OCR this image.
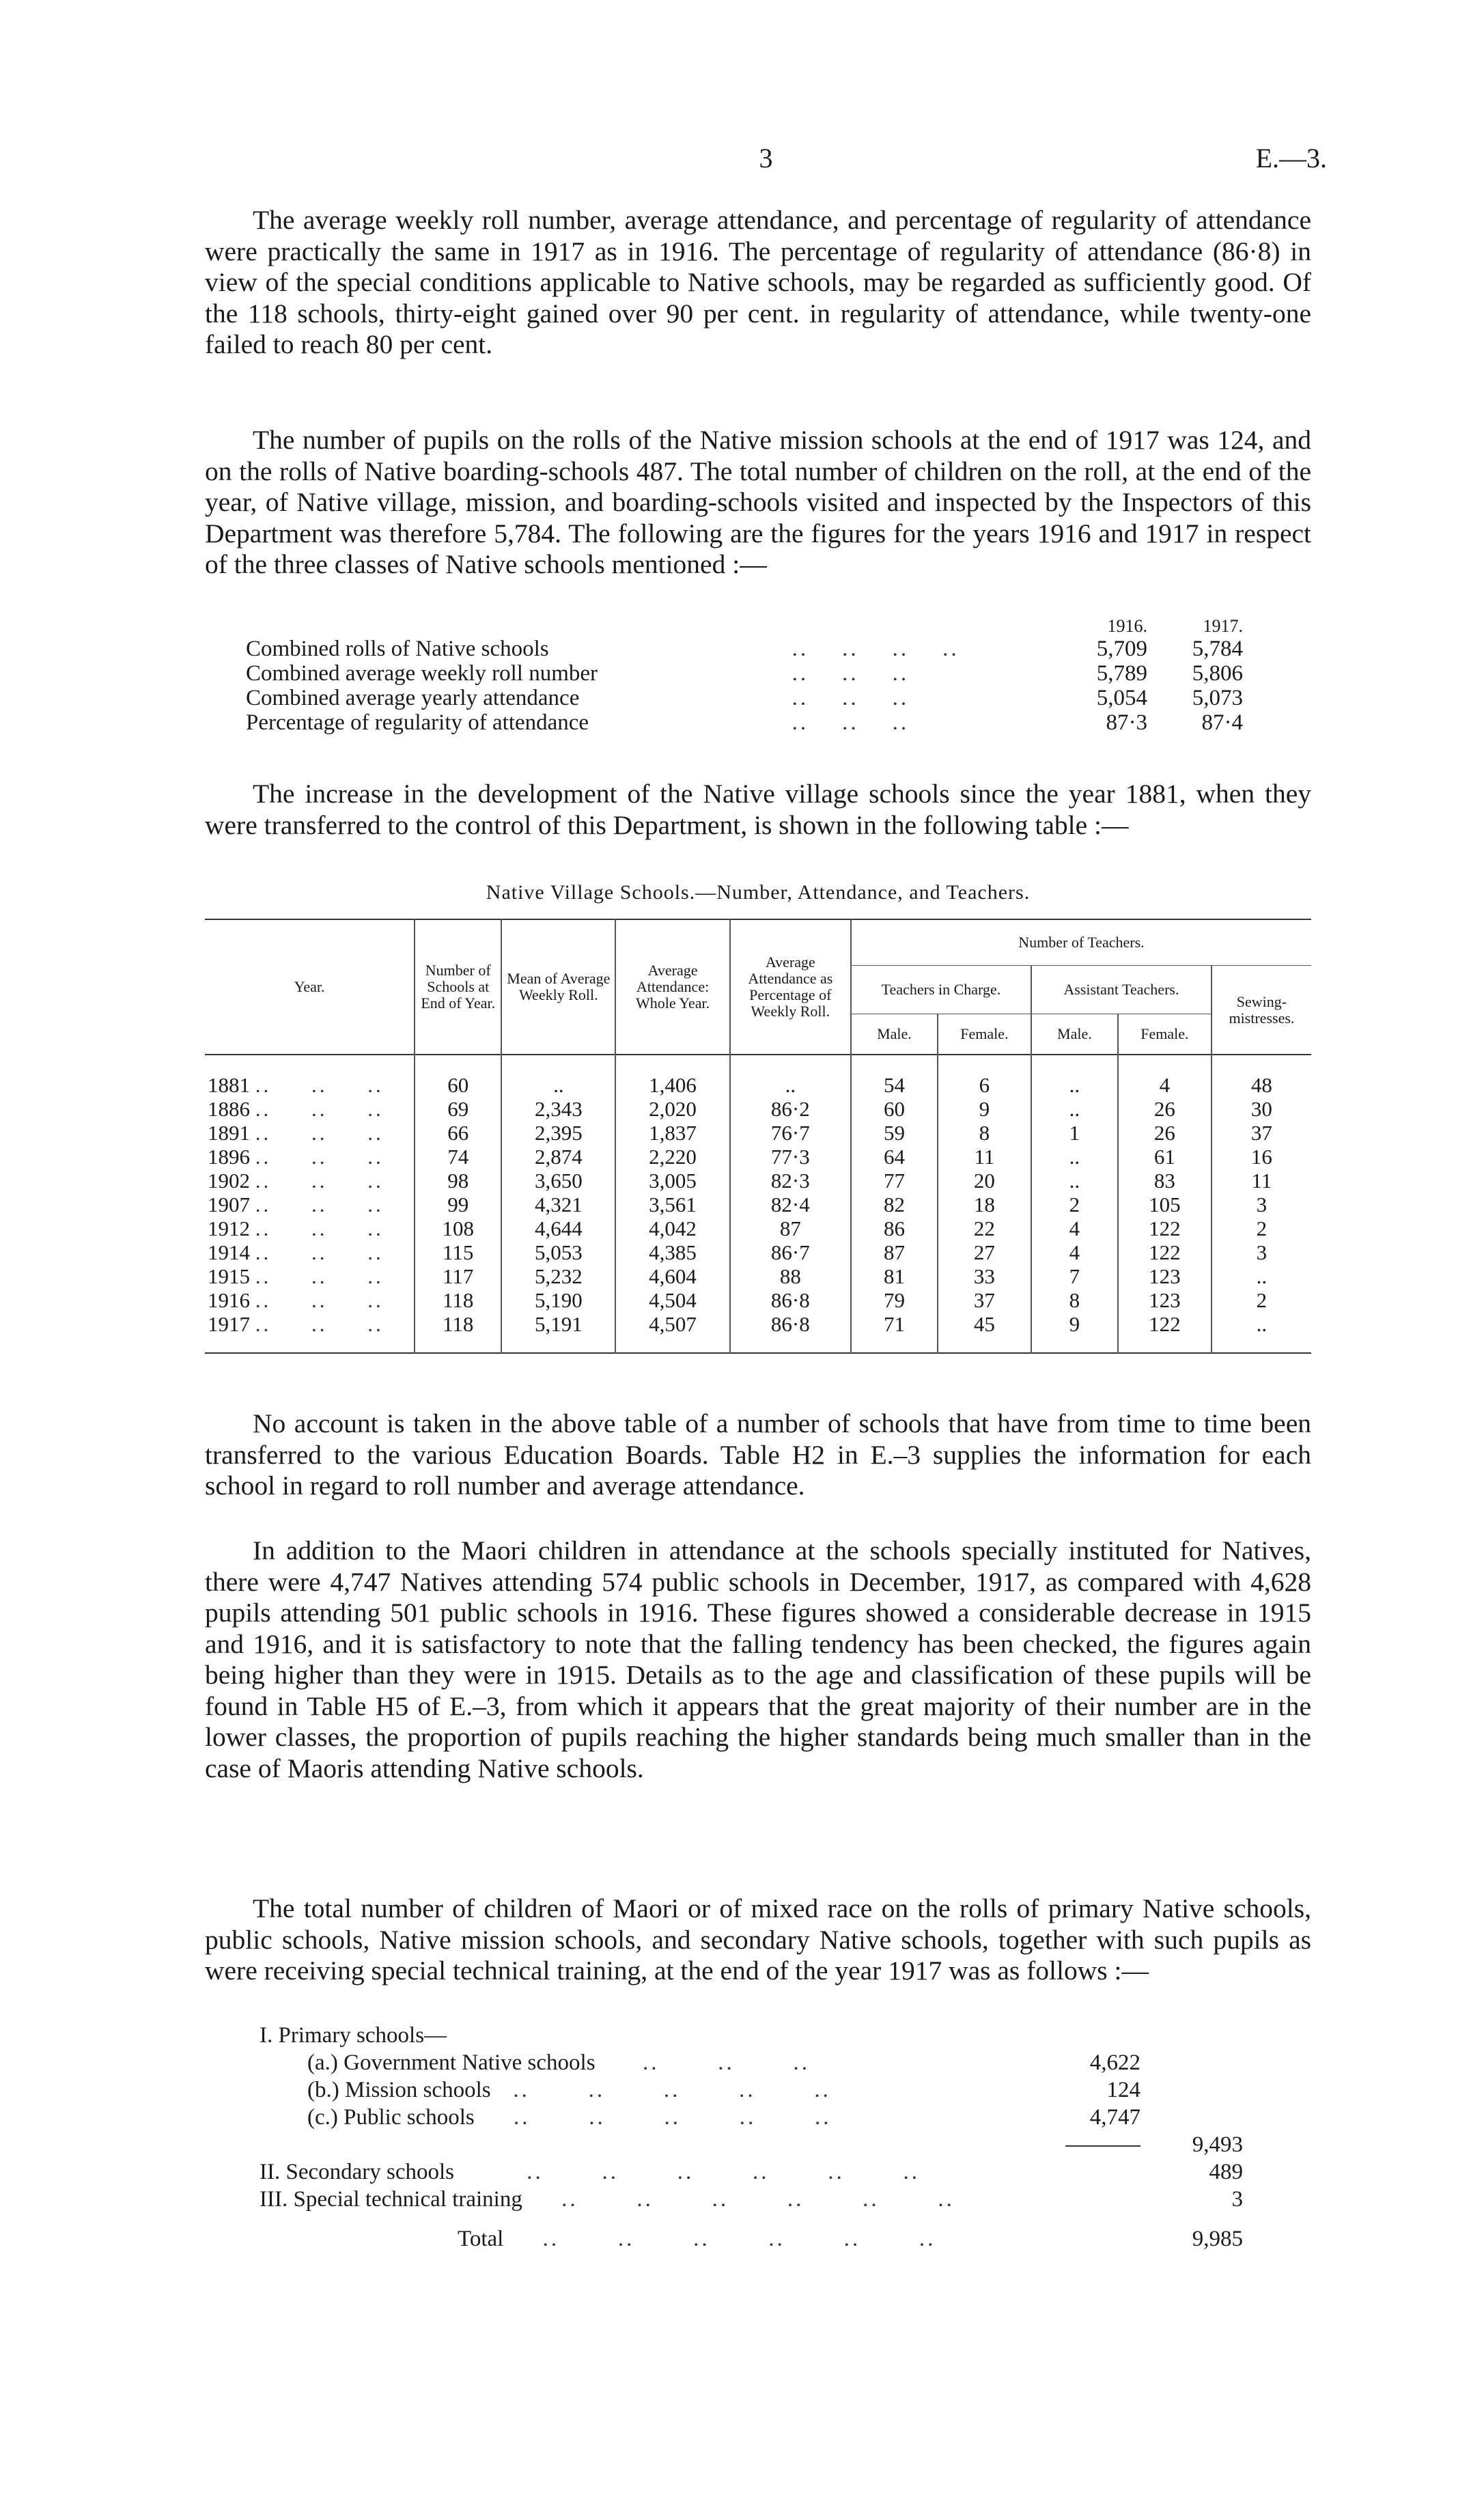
3	E.—3.

The average weekly roll number, average attendance, and percentage of regularity of attendance were practically the same in 1917 as in 1916. The percentage of regularity of attendance (86·8) in view of the special conditions applicable to Native schools, may be regarded as sufficiently good. Of the 118 schools, thirty-eight gained over 90 per cent. in regularity of attendance, while twenty-one failed to reach 80 per cent.

The number of pupils on the rolls of the Native mission schools at the end of 1917 was 124, and on the rolls of Native boarding-schools 487. The total number of children on the roll, at the end of the year, of Native village, mission, and boarding-schools visited and inspected by the Inspectors of this Department was therefore 5,784. The following are the figures for the years 1916 and 1917 in respect of the three classes of Native schools mentioned :—

		1916.	1917.
Combined rolls of Native schools	..    ..    ..    ..	5,709	5,784
Combined average weekly roll number	..    ..    ..	5,789	5,806
Combined average yearly attendance	..    ..    ..	5,054	5,073
Percentage of regularity of attendance	..    ..    ..	87·3	87·4

The increase in the development of the Native village schools since the year 1881, when they were transferred to the control of this Department, is shown in the following table :—

Native Village Schools.—Number, Attendance, and Teachers.
Year.	Number of Schools at End of Year.	Mean of Average Weekly Roll.	Average Attendance: Whole Year.	Average Attendance as Percentage of Weekly Roll.	Number of Teachers.				
					Teachers in Charge.		Assistant Teachers.		Sewing-mistresses.
					Male.	Female.	Male.	Female.	
1881 ..     ..     ..	60	..	1,406	..	54	6	..	4	48
1886 ..     ..     ..	69	2,343	2,020	86·2	60	9	..	26	30
1891 ..     ..     ..	66	2,395	1,837	76·7	59	8	1	26	37
1896 ..     ..     ..	74	2,874	2,220	77·3	64	11	..	61	16
1902 ..     ..     ..	98	3,650	3,005	82·3	77	20	..	83	11
1907 ..     ..     ..	99	4,321	3,561	82·4	82	18	2	105	3
1912 ..     ..     ..	108	4,644	4,042	87	86	22	4	122	2
1914 ..     ..     ..	115	5,053	4,385	86·7	87	27	4	122	3
1915 ..     ..     ..	117	5,232	4,604	88	81	33	7	123	..
1916 ..     ..     ..	118	5,190	4,504	86·8	79	37	8	123	2
1917 ..     ..     ..	118	5,191	4,507	86·8	71	45	9	122	..

No account is taken in the above table of a number of schools that have from time to time been transferred to the various Education Boards. Table H2 in E.–3 supplies the information for each school in regard to roll number and average attendance.

In addition to the Maori children in attendance at the schools specially instituted for Natives, there were 4,747 Natives attending 574 public schools in December, 1917, as compared with 4,628 pupils attending 501 public schools in 1916. These figures showed a considerable decrease in 1915 and 1916, and it is satisfactory to note that the falling tendency has been checked, the figures again being higher than they were in 1915. Details as to the age and classification of these pupils will be found in Table H5 of E.–3, from which it appears that the great majority of their number are in the lower classes, the proportion of pupils reaching the higher standards being much smaller than in the case of Maoris attending Native schools.

The total number of children of Maori or of mixed race on the rolls of primary Native schools, public schools, Native mission schools, and secondary Native schools, together with such pupils as were receiving special technical training, at the end of the year 1917 was as follows :—

I. Primary schools—		
(a.) Government Native schools      ..       ..       ..	4,622	
(b.) Mission schools   ..       ..       ..       ..       ..	124	
(c.) Public schools     ..       ..       ..       ..       ..	4,747	
		9,493
II. Secondary schools         ..       ..       ..       ..       ..       ..		489
III. Special technical training     ..       ..       ..       ..       ..       ..		3
Total     ..       ..       ..       ..       ..       ..		9,985
